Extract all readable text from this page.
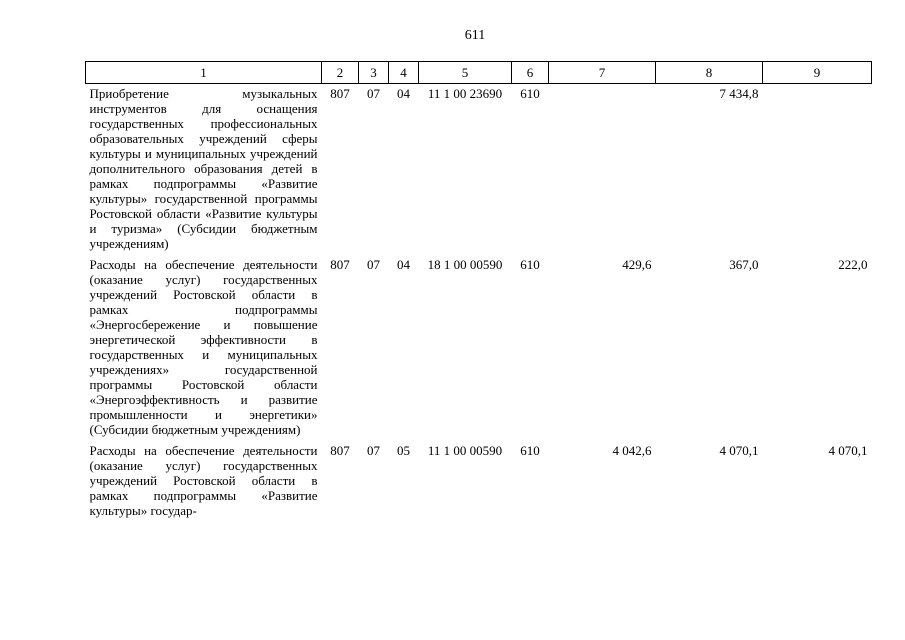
611
1	2	3	4	5	6	7	8	9
Приобретение музыкальных инструментов для оснащения государственных профессиональных образовательных учреждений сферы культуры и муниципальных учреждений дополнительного образования детей в рамках подпрограммы «Развитие культуры» государственной программы Ростовской области «Развитие культуры и туризма» (Субсидии бюджетным учреждениям)	807	07	04	11 1 00 23690	610		7 434,8	
Расходы на обеспечение деятельности (оказание услуг) государственных учреждений Ростовской области в рамках подпрограммы «Энергосбережение и повышение энергетической эффективности в государственных и муниципальных учреждениях» государственной программы Ростовской области «Энергоэффективность и развитие промышленности и энергетики» (Субсидии бюджетным учреждениям)	807	07	04	18 1 00 00590	610	429,6	367,0	222,0

Расходы на обеспечение деятельности (оказание услуг) государственных учреждений Ростовской области в рамках подпрограммы «Развитие культуры» государ-	807	07	05	11 1 00 00590	610	4 042,6	4 070,1	4 070,1
